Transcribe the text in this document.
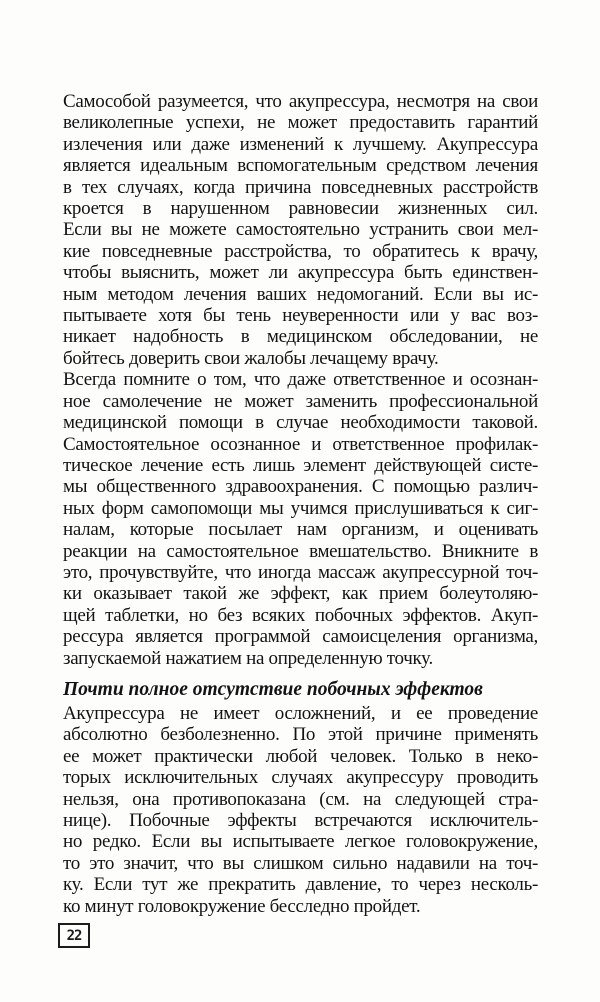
Самособой разумеется, что акупрессура, несмотря на свои
великолепные успехи, не может предоставить гарантий
излечения или даже изменений к лучшему. Акупрессура
является идеальным вспомогательным средством лечения
в тех случаях, когда причина повседневных расстройств
кроется в нарушенном равновесии жизненных сил.
Если вы не можете самостоятельно устранить свои мел-
кие повседневные расстройства, то обратитесь к врачу,
чтобы выяснить, может ли акупрессура быть единствен-
ным методом лечения ваших недомоганий. Если вы ис-
пытываете хотя бы тень неуверенности или у вас воз-
никает надобность в медицинском обследовании, не
бойтесь доверить свои жалобы лечащему врачу.
Всегда помните о том, что даже ответственное и осознан-
ное самолечение не может заменить профессиональной
медицинской помощи в случае необходимости таковой.
Самостоятельное осознанное и ответственное профилак-
тическое лечение есть лишь элемент действующей систе-
мы общественного здравоохранения. С помощью различ-
ных форм самопомощи мы учимся прислушиваться к сиг-
налам, которые посылает нам организм, и оценивать
реакции на самостоятельное вмешательство. Вникните в
это, прочувствуйте, что иногда массаж акупрессурной точ-
ки оказывает такой же эффект, как прием болеутоляю-
щей таблетки, но без всяких побочных эффектов. Акуп-
рессура является программой самоисцеления организма,
запускаемой нажатием на определенную точку.
Почти полное отсутствие побочных эффектов
Акупрессура не имеет осложнений, и ее проведение
абсолютно безболезненно. По этой причине применять
ее может практически любой человек. Только в неко-
торых исключительных случаях акупрессуру проводить
нельзя, она противопоказана (см. на следующей стра-
нице). Побочные эффекты встречаются исключитель-
но редко. Если вы испытываете легкое головокружение,
то это значит, что вы слишком сильно надавили на точ-
ку. Если тут же прекратить давление, то через несколь-
ко минут головокружение бесследно пройдет.
22
